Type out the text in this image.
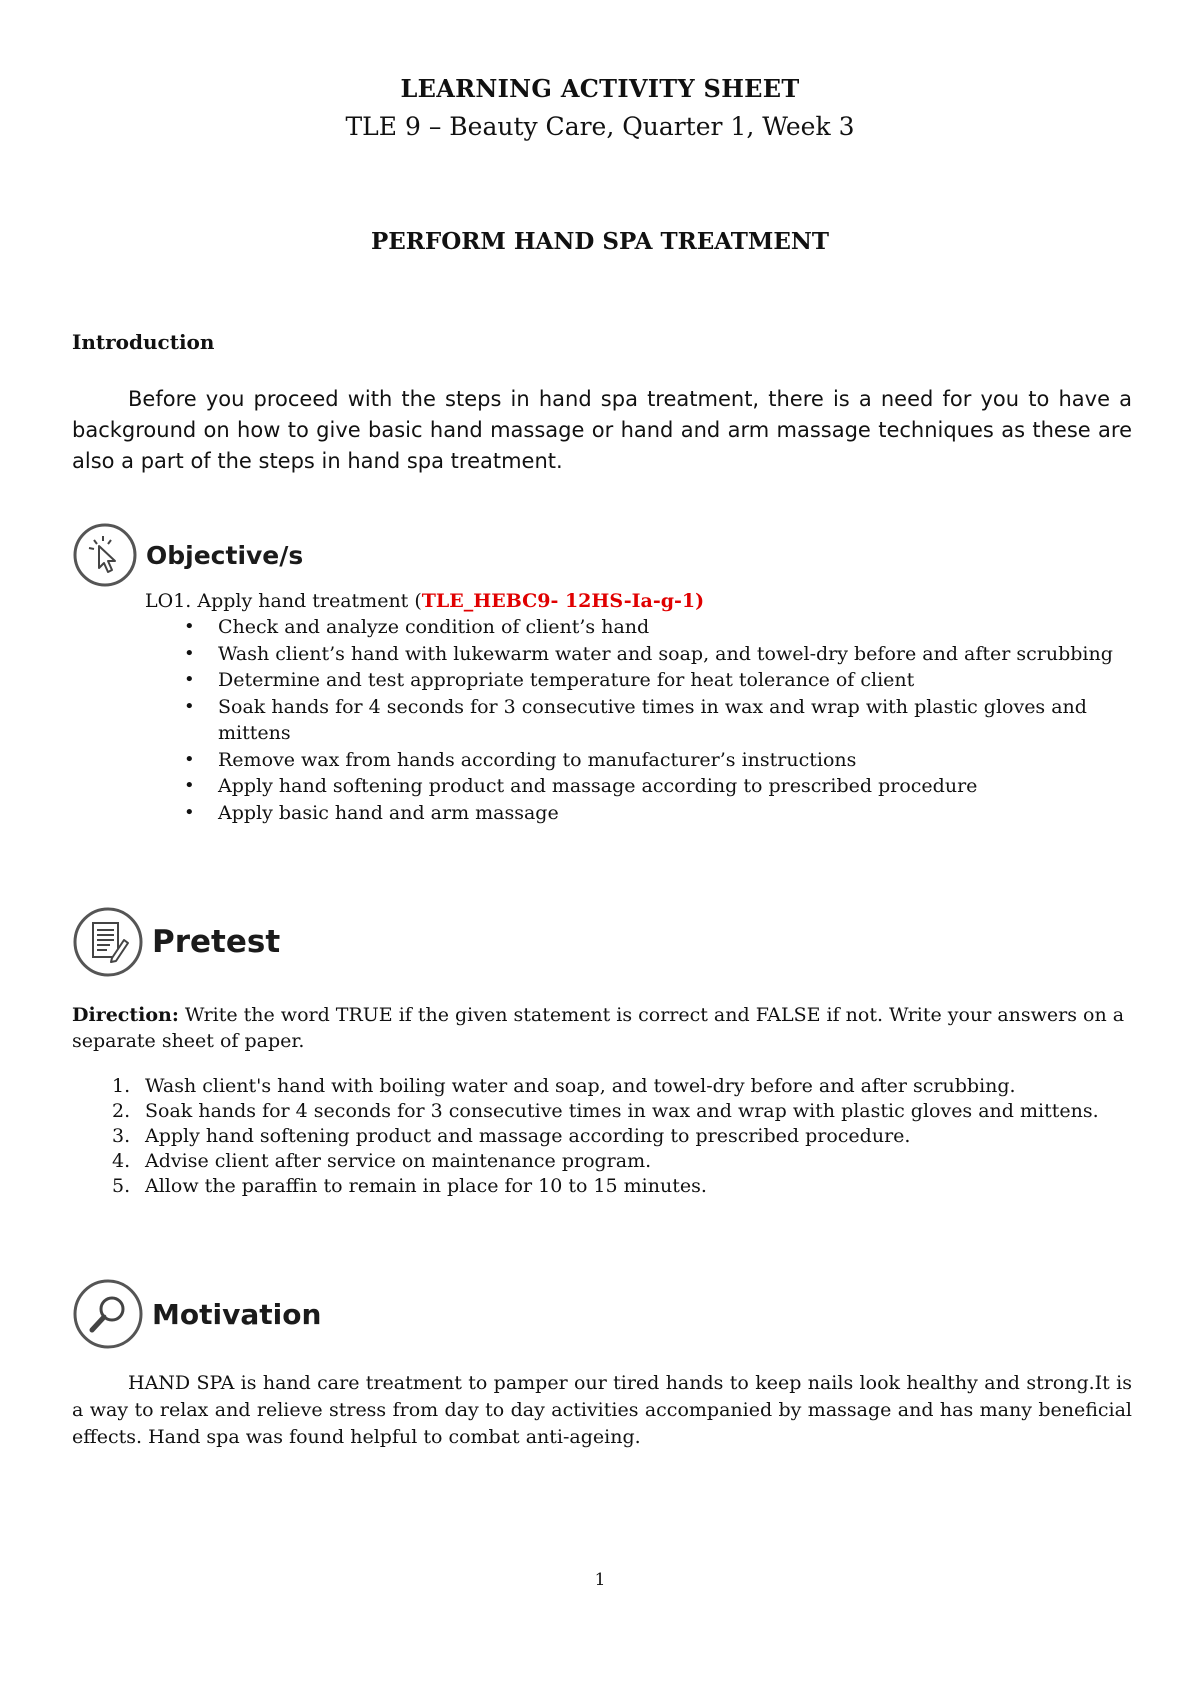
LEARNING ACTIVITY SHEET
TLE 9 – Beauty Care, Quarter 1, Week 3
PERFORM HAND SPA TREATMENT
Introduction
Before you proceed with the steps in hand spa treatment, there is a need for you to have a background on how to give basic hand massage or hand and arm massage techniques as these are also a part of the steps in hand spa treatment.
Objective/s
LO1. Apply hand treatment (TLE_HEBC9- 12HS-Ia-g-1)
• Check and analyze condition of client’s hand
• Wash client’s hand with lukewarm water and soap, and towel-dry before and after scrubbing
• Determine and test appropriate temperature for heat tolerance of client
• Soak hands for 4 seconds for 3 consecutive times in wax and wrap with plastic gloves and mittens
• Remove wax from hands according to manufacturer’s instructions
• Apply hand softening product and massage according to prescribed procedure
• Apply basic hand and arm massage
Pretest
Direction: Write the word TRUE if the given statement is correct and FALSE if not. Write your answers on a separate sheet of paper.
1. Wash client's hand with boiling water and soap, and towel-dry before and after scrubbing.
2. Soak hands for 4 seconds for 3 consecutive times in wax and wrap with plastic gloves and mittens.
3. Apply hand softening product and massage according to prescribed procedure.
4. Advise client after service on maintenance program.
5. Allow the paraffin to remain in place for 10 to 15 minutes.
Motivation
HAND SPA is hand care treatment to pamper our tired hands to keep nails look healthy and strong.It is a way to relax and relieve stress from day to day activities accompanied by massage and has many beneficial effects. Hand spa was found helpful to combat anti-ageing.
1
